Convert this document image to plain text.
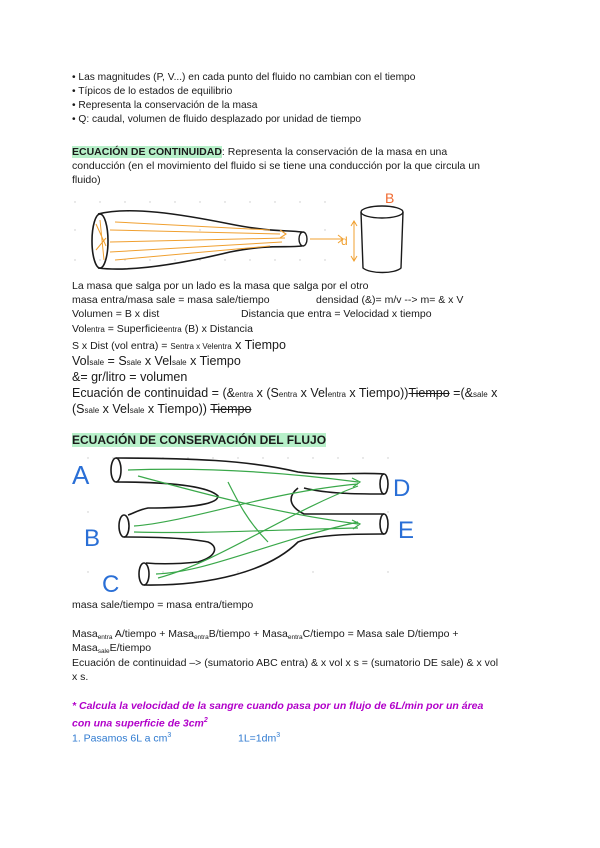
• Las magnitudes (P, V...) en cada punto del fluido no cambian con el tiempo
• Típicos de lo estados de equilibrio
• Representa la conservación de la masa
• Q: caudal, volumen de fluido desplazado por unidad de tiempo
ECUACIÓN DE CONTINUIDAD: Representa la conservación de la masa en una
conducción (en el movimiento del fluido si se tiene una conducción por la que circula un
fluido)
d
B
La masa que salga por un lado es la masa que salga por el otro
masa entra/masa sale = masa sale/tiempo	densidad (&)= m/v --> m= & x V
Volumen = B x dist	Distancia que entra = Velocidad x tiempo
Volentra = Superficieentra (B) x Distancia
S x Dist (vol entra) = Sentra x Velentra x Tiempo
Volsale = Ssale x Velsale x Tiempo
&= gr/litro = volumen
Ecuación de continuidad = (&entra x (Sentra x Velentra x Tiempo))Tiempo =(&sale x
(Ssale x Velsale x Tiempo)) Tiempo
ECUACIÓN DE CONSERVACIÓN DEL FLUJO
A
B
C
D
E
masa sale/tiempo = masa entra/tiempo
Masa$_{entra}$ A/tiempo + Masa$_{entra}$B/tiempo + Masa$_{entra}$C/tiempo = Masa sale D/tiempo +
Masa$_{sale}$E/tiempo
Ecuación de continuidad –> (sumatorio ABC entra) & x vol x s = (sumatorio DE sale) & x vol
x s.
* Calcula la velocidad de la sangre cuando pasa por un flujo de 6L/min por un área
con una superficie de $3cm^2$
1. Pasamos 6L a $cm^3$	$1L=1dm^3$
